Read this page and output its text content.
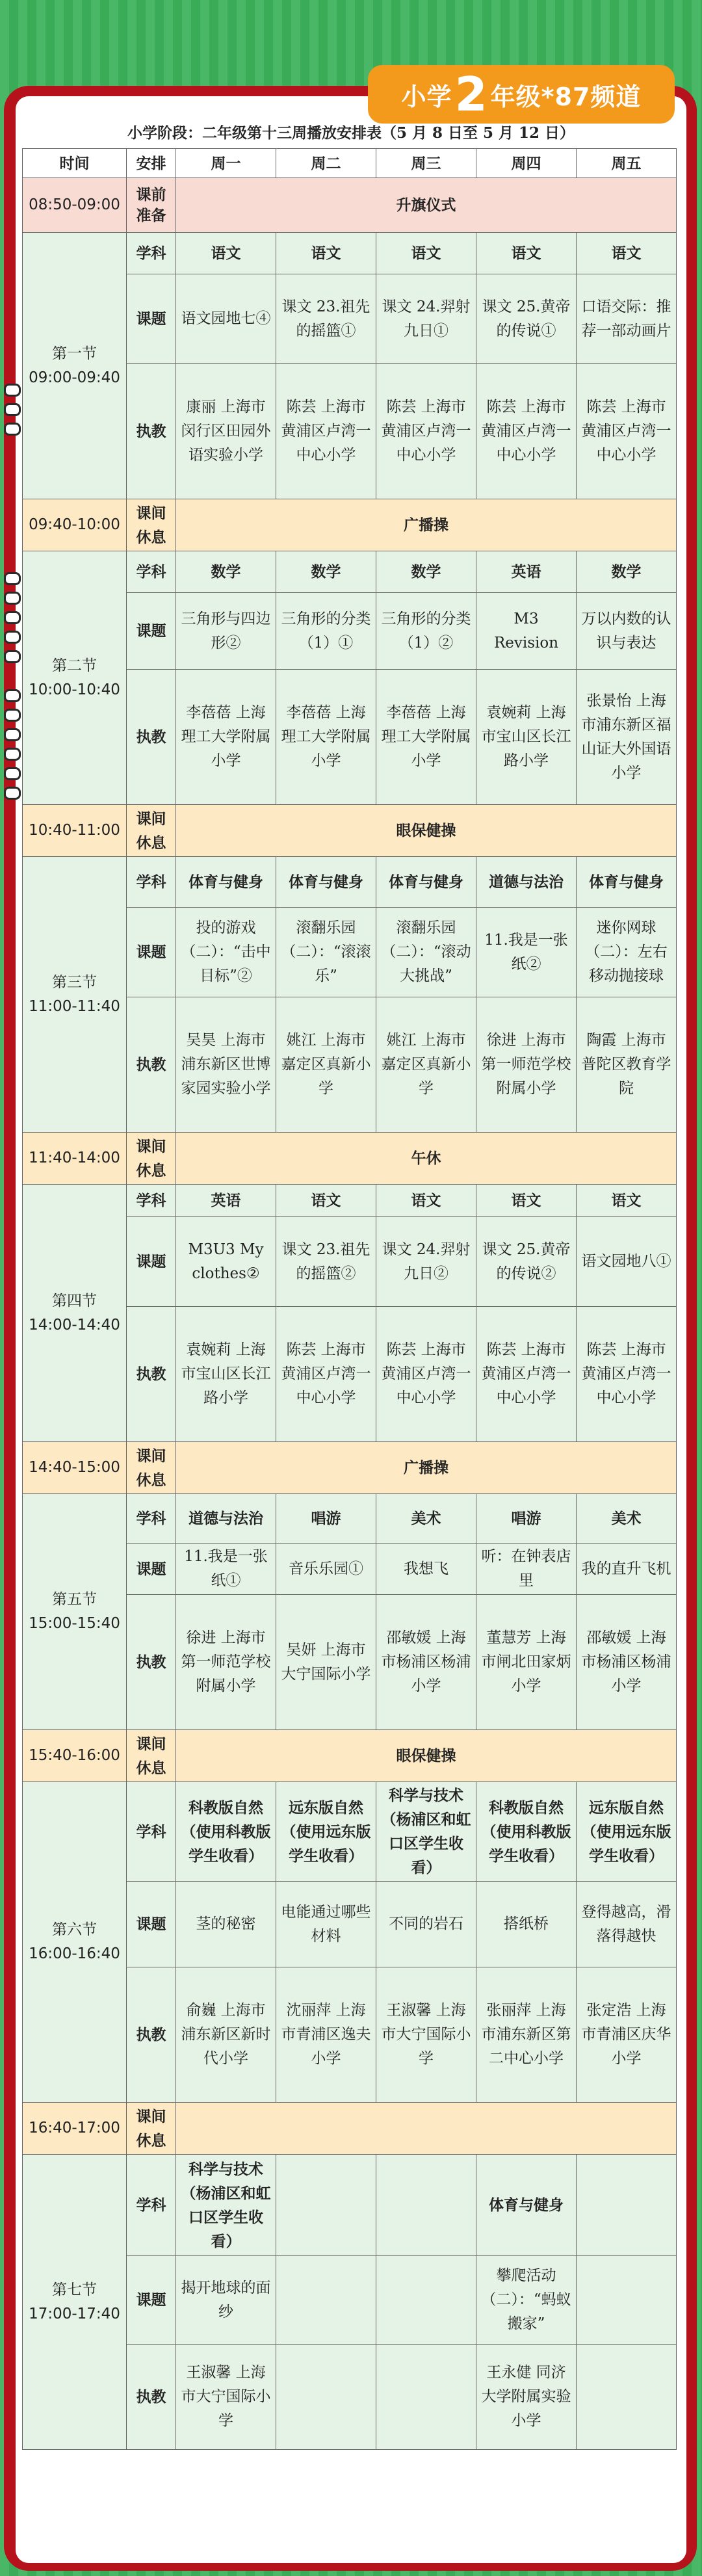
小学 2 年级*87频道
小学阶段：二年级第十三周播放安排表（5 月 8 日至 5 月 12 日）
时间	安排	周一	周二	周三	周四	周五
08:50-09:00	课前准备	升旗仪式				

第一节
09:00-09:40	学科	语文	语文	语文	语文	语文
	课题	语文园地七④	课文 23.祖先的摇篮①	课文 24.羿射九日①	课文 25.黄帝的传说①	口语交际：推荐一部动画片
	执教	康丽 上海市闵行区田园外语实验小学	陈芸 上海市黄浦区卢湾一中心小学	陈芸 上海市黄浦区卢湾一中心小学	陈芸 上海市黄浦区卢湾一中心小学	陈芸 上海市黄浦区卢湾一中心小学
09:40-10:00	课间休息	广播操				

第二节
10:00-10:40	学科	数学	数学	数学	英语	数学
	课题	三角形与四边形②	三角形的分类（1）①	三角形的分类（1）②	M3 Revision	万以内数的认识与表达
	执教	李蓓蓓 上海理工大学附属小学	李蓓蓓 上海理工大学附属小学	李蓓蓓 上海理工大学附属小学	袁婉莉 上海市宝山区长江路小学	张景怡 上海市浦东新区福山证大外国语小学
10:40-11:00	课间休息	眼保健操				

第三节
11:00-11:40	学科	体育与健身	体育与健身	体育与健身	道德与法治	体育与健身
	课题	投的游戏（二）：“击中目标”②	滚翻乐园（二）：“滚滚乐”	滚翻乐园（二）：“滚动大挑战”	11.我是一张纸②	迷你网球（二）：左右移动抛接球
	执教	吴昊 上海市浦东新区世博家园实验小学	姚江 上海市嘉定区真新小学	姚江 上海市嘉定区真新小学	徐进 上海市第一师范学校附属小学	陶霞 上海市普陀区教育学院
11:40-14:00	课间休息	午休				

第四节
14:00-14:40	学科	英语	语文	语文	语文	语文
	课题	M3U3 My clothes②	课文 23.祖先的摇篮②	课文 24.羿射九日②	课文 25.黄帝的传说②	语文园地八①
	执教	袁婉莉 上海市宝山区长江路小学	陈芸 上海市黄浦区卢湾一中心小学	陈芸 上海市黄浦区卢湾一中心小学	陈芸 上海市黄浦区卢湾一中心小学	陈芸 上海市黄浦区卢湾一中心小学
14:40-15:00	课间休息	广播操				

第五节
15:00-15:40	学科	道德与法治	唱游	美术	唱游	美术
	课题	11.我是一张纸①	音乐乐园①	我想飞	听：在钟表店里	我的直升飞机
	执教	徐进 上海市第一师范学校附属小学	吴妍 上海市大宁国际小学	邵敏媛 上海市杨浦区杨浦小学	董慧芳 上海市闸北田家炳小学	邵敏媛 上海市杨浦区杨浦小学
15:40-16:00	课间休息	眼保健操				

第六节
16:00-16:40	学科	科教版自然（使用科教版学生收看）	远东版自然（使用远东版学生收看）	科学与技术（杨浦区和虹口区学生收看）	科教版自然（使用科教版学生收看）	远东版自然（使用远东版学生收看）
	课题	茎的秘密	电能通过哪些材料	不同的岩石	搭纸桥	登得越高，滑落得越快
	执教	俞巍 上海市浦东新区新时代小学	沈丽萍 上海市青浦区逸夫小学	王淑馨 上海市大宁国际小学	张丽萍 上海市浦东新区第二中心小学	张定浩 上海市青浦区庆华小学
16:40-17:00	课间休息					

第七节
17:00-17:40	学科	科学与技术（杨浦区和虹口区学生收看）			体育与健身	
	课题	揭开地球的面纱			攀爬活动（二）：“蚂蚁搬家”	
	执教	王淑馨 上海市大宁国际小学			王永健 同济大学附属实验小学	
